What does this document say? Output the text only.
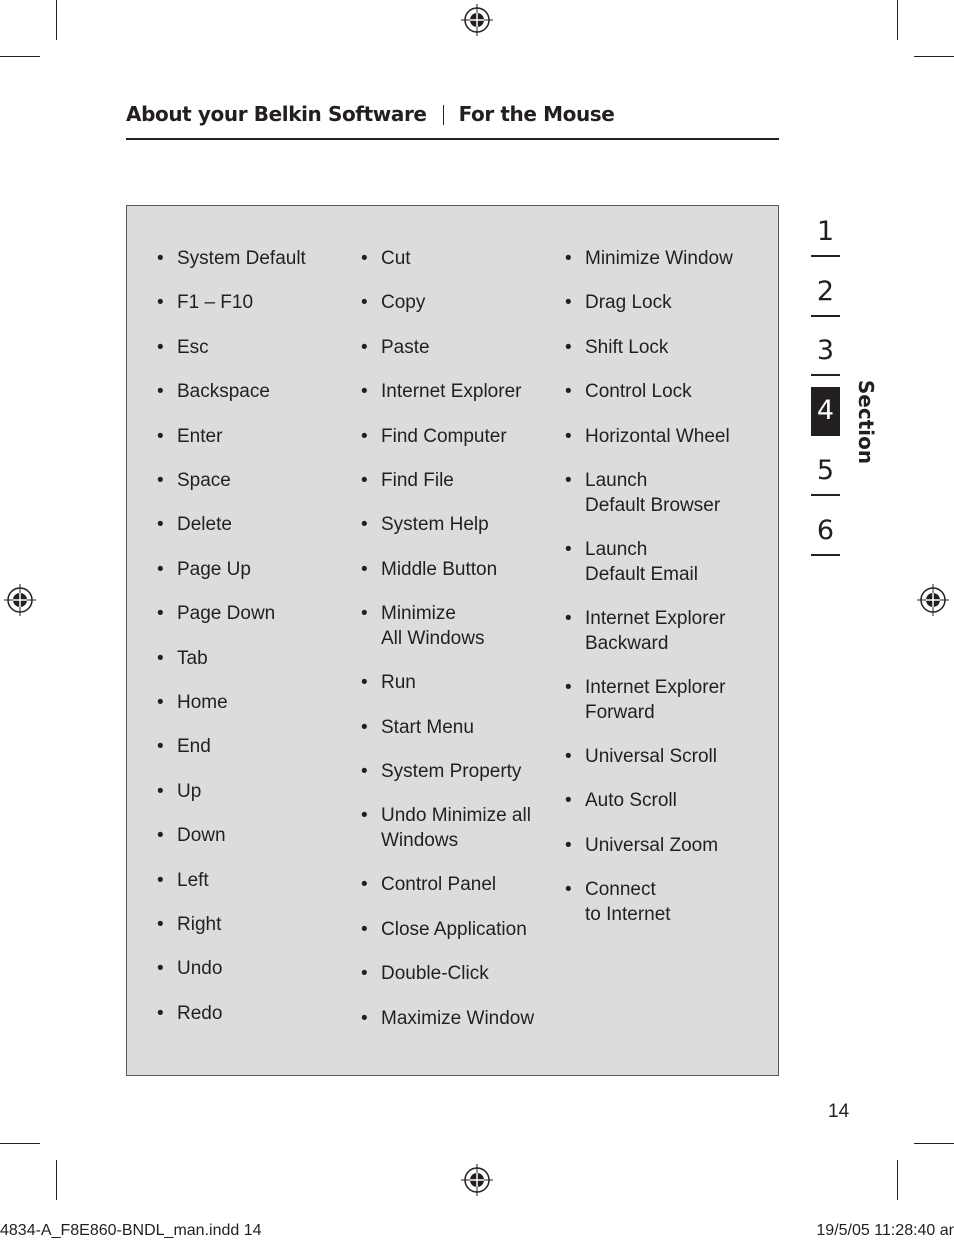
About your Belkin Software For the Mouse
• System Default
• F1 – F10
• Esc
• Backspace
• Enter
• Space
• Delete
• Page Up
• Page Down
• Tab
• Home
• End
• Up
• Down
• Left
• Right
• Undo
• Redo
• Cut
• Copy
• Paste
• Internet Explorer
• Find Computer
• Find File
• System Help
• Middle Button
• Minimize
All Windows
• Run
• Start Menu
• System Property
• Undo Minimize all
Windows
• Control Panel
• Close Application
• Double-Click
• Maximize Window
• Minimize Window
• Drag Lock
• Shift Lock
• Control Lock
• Horizontal Wheel
• Launch
Default Browser
• Launch
Default Email
• Internet Explorer
Backward
• Internet Explorer
Forward
• Universal Scroll
• Auto Scroll
• Universal Zoom
• Connect
to Internet
1
2
3
4
5
6
Section
14
4834-A_F8E860-BNDL_man.indd 14	19/5/05 11:28:40 ar
